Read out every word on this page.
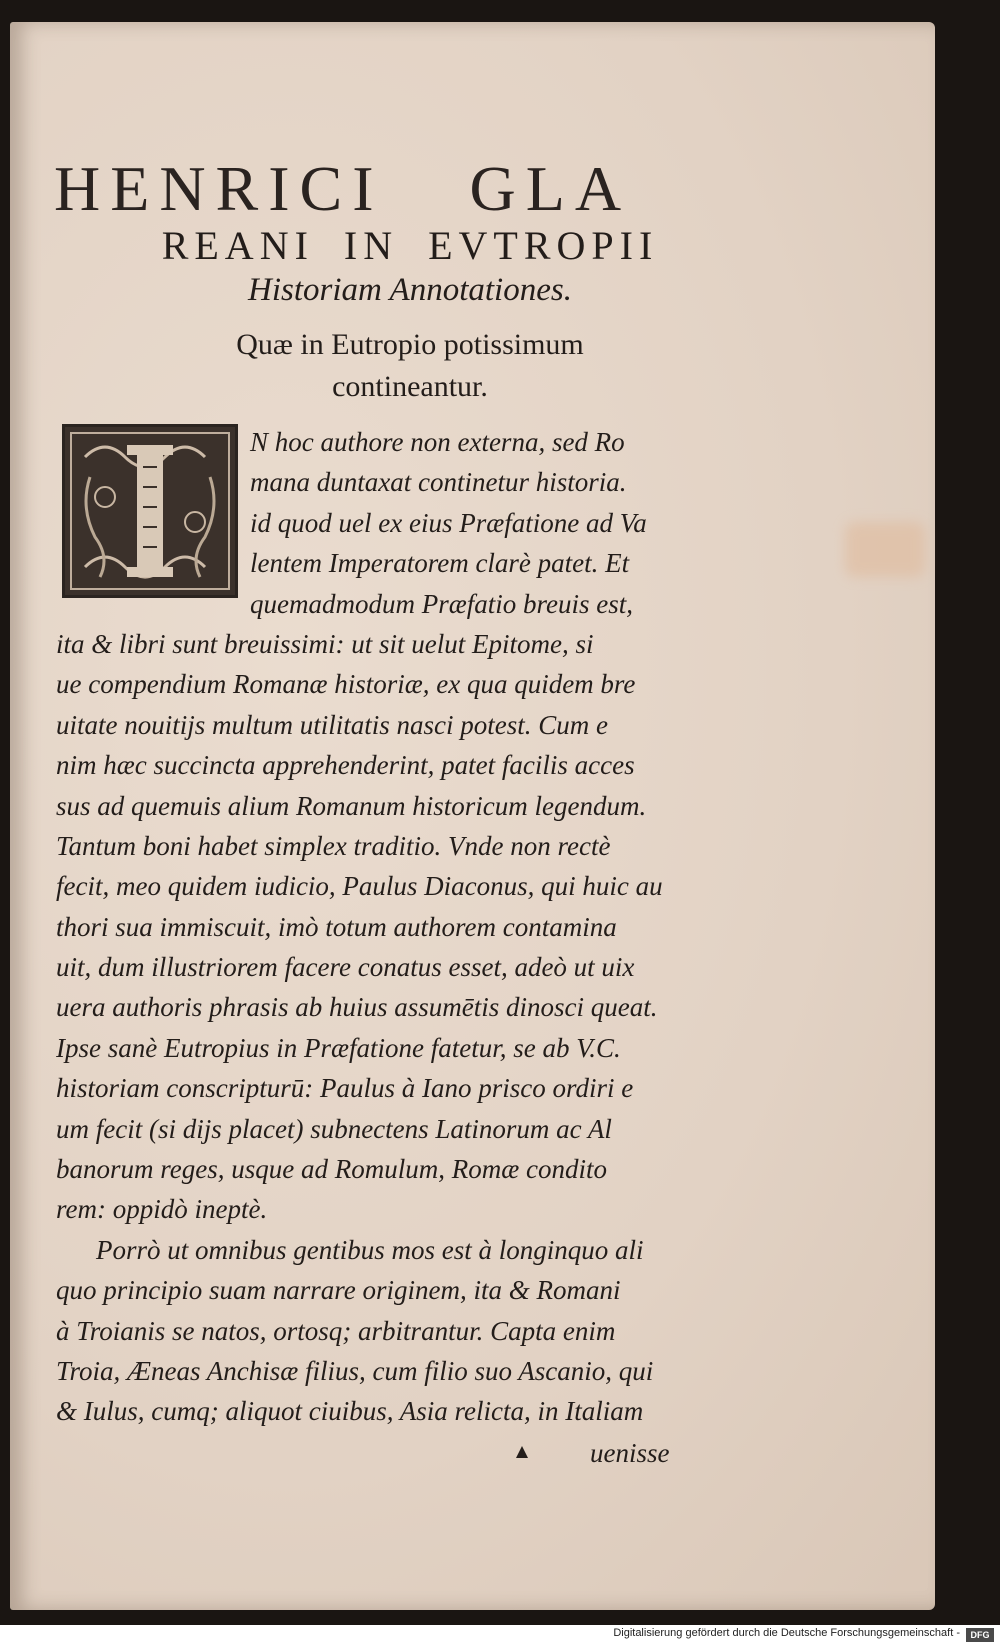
HENRICI GLA
REANI IN EVTROPII
Historiam Annotationes.
Quæ in Eutropio potissimum
contineantur.
N hoc authore non externa, sed Ro
mana duntaxat continetur historia.
id quod uel ex eius Præfatione ad Va
lentem Imperatorem clarè patet. Et
quemadmodum Præfatio breuis est,
ita & libri sunt breuissimi: ut sit uelut Epitome, si
ue compendium Romanæ historiæ, ex qua quidem bre
uitate nouitijs multum utilitatis nasci potest. Cum e
nim hæc succincta apprehenderint, patet facilis acces
sus ad quemuis alium Romanum historicum legendum.
Tantum boni habet simplex traditio. Vnde non rectè
fecit, meo quidem iudicio, Paulus Diaconus, qui huic au
thori sua immiscuit, imò totum authorem contamina
uit, dum illustriorem facere conatus esset, adeò ut uix
uera authoris phrasis ab huius assumētis dinosci queat.
Ipse sanè Eutropius in Præfatione fatetur, se ab V.C.
historiam conscripturū: Paulus à Iano prisco ordiri e
um fecit (si dijs placet) subnectens Latinorum ac Al
banorum reges, usque ad Romulum, Romæ condito
rem: oppidò ineptè.
Porrò ut omnibus gentibus mos est à longinquo ali
quo principio suam narrare originem, ita & Romani
à Troianis se natos, ortosq; arbitrantur. Capta enim
Troia, Æneas Anchisæ filius, cum filio suo Ascanio, qui
& Iulus, cumq; aliquot ciuibus, Asia relicta, in Italiam
uenisse
Digitalisierung gefördert durch die Deutsche Forschungsgemeinschaft -	DFG
